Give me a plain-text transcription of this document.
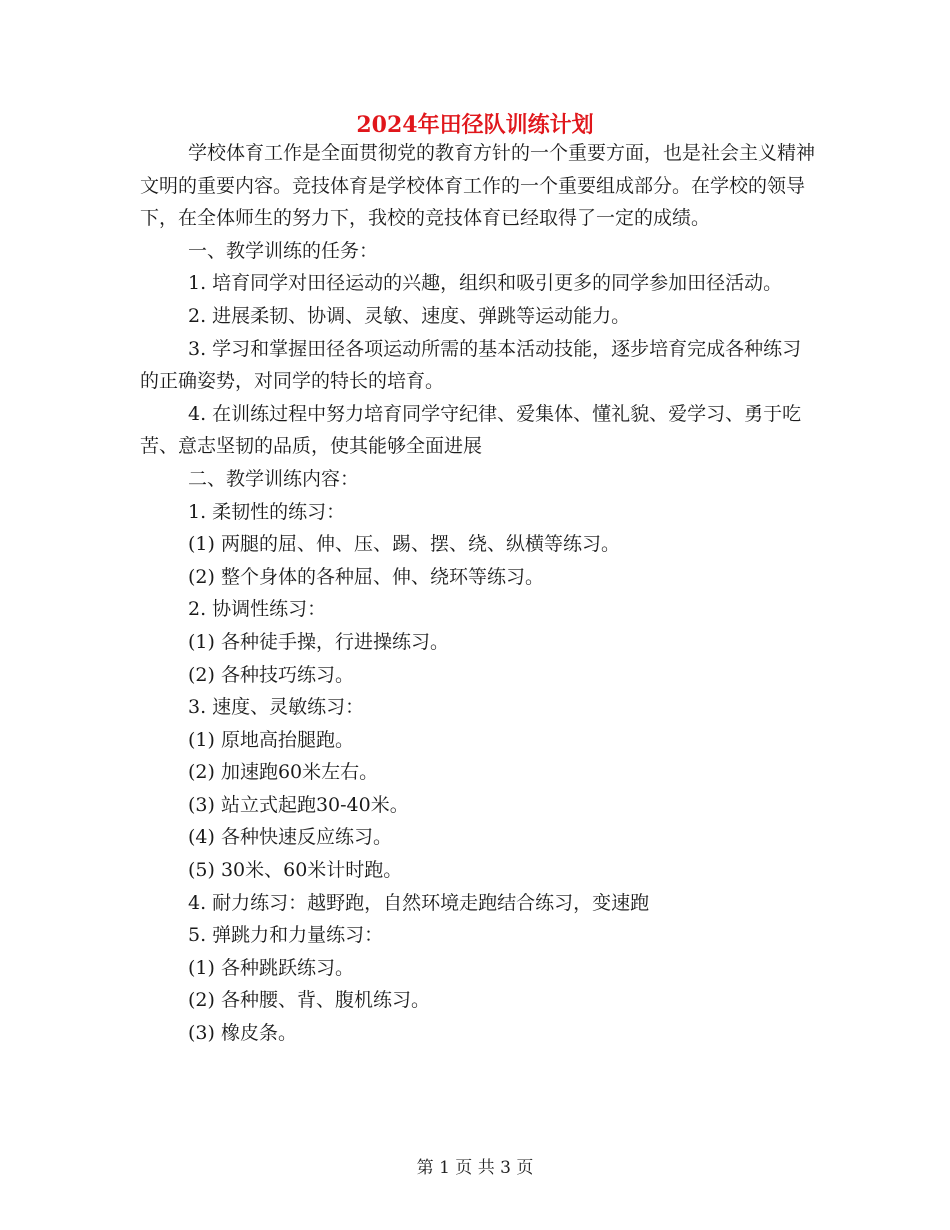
2024年田径队训练计划

学校体育工作是全面贯彻党的教育方针的一个重要方面，也是社会主义精神文明的重要内容。竞技体育是学校体育工作的一个重要组成部分。在学校的领导下，在全体师生的努力下，我校的竞技体育已经取得了一定的成绩。

一、教学训练的任务：

1. 培育同学对田径运动的兴趣，组织和吸引更多的同学参加田径活动。

2. 进展柔韧、协调、灵敏、速度、弹跳等运动能力。

3. 学习和掌握田径各项运动所需的基本活动技能，逐步培育完成各种练习的正确姿势，对同学的特长的培育。

4. 在训练过程中努力培育同学守纪律、爱集体、懂礼貌、爱学习、勇于吃苦、意志坚韧的品质，使其能够全面进展

二、教学训练内容：

1. 柔韧性的练习：

(1) 两腿的屈、伸、压、踢、摆、绕、纵横等练习。

(2) 整个身体的各种屈、伸、绕环等练习。

2. 协调性练习：

(1) 各种徒手操，行进操练习。

(2) 各种技巧练习。

3. 速度、灵敏练习：

(1) 原地高抬腿跑。

(2) 加速跑60米左右。

(3) 站立式起跑30-40米。

(4) 各种快速反应练习。

(5) 30米、60米计时跑。

4. 耐力练习：越野跑，自然环境走跑结合练习，变速跑

5. 弹跳力和力量练习：

(1) 各种跳跃练习。

(2) 各种腰、背、腹机练习。

(3) 橡皮条。

第 1 页 共 3 页
